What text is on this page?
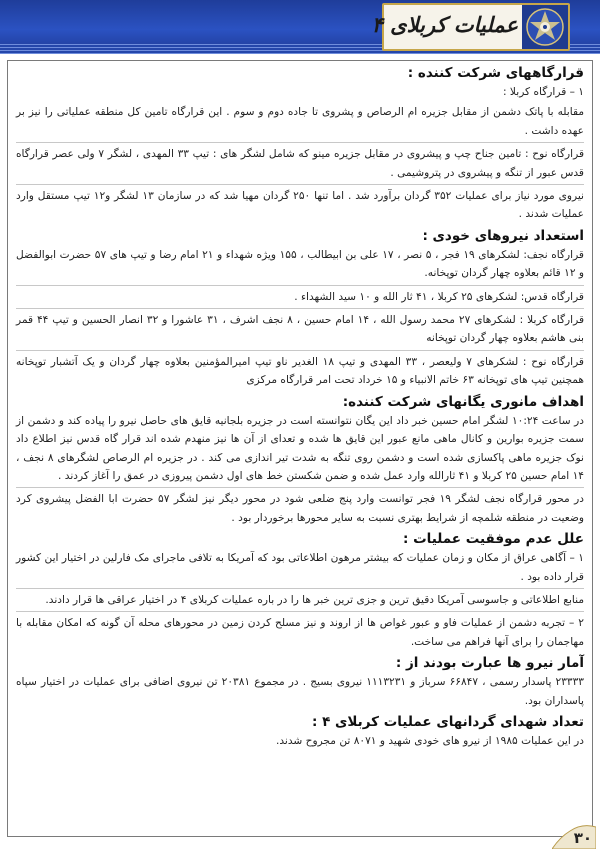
عملیات کربلای ۴
قرارگاههای شرکت کننده :

۱ – قرارگاه کربلا :

مقابله با پاتک دشمن از مقابل جزیره ام الرصاص و پشروی تا جاده دوم و سوم . این قرارگاه تامین کل منطقه عملیاتی را نیز بر عهده داشت .

قرارگاه نوح : تامین جناح چپ و پیشروی در مقابل جزیره مینو که شامل لشگر های : تیپ ۳۳ المهدی ، لشگر ۷ ولی عصر قرارگاه قدس عبور از تنگه و پیشروی در پتروشیمی .

نیروی مورد نیاز برای عملیات ۳۵۲ گردان برآورد شد . اما تنها ۲۵۰ گردان مهیا شد که در سازمان ۱۳ لشگر و۱۲ تیپ مستقل وارد عملیات شدند .

استعداد نیروهای خودی :

قرارگاه نجف: لشکرهای ۱۹ فجر ، ۵ نصر ، ۱۷ علی بن ابیطالب ، ۱۵۵ ویژه شهداء و ۲۱ امام رضا و تیپ های ۵۷ حضرت ابوالفضل و ۱۲ قائم بعلاوه چهار گردان توپخانه.

قرارگاه قدس: لشکرهای ۲۵ کربلا ، ۴۱ ثار الله و ۱۰ سید الشهداء .

قرارگاه کربلا : لشکرهای ۲۷ محمد رسول الله ، ۱۴ امام حسین ، ۸ نجف اشرف ، ۳۱ عاشورا و ۳۲ انصار الحسین و تیپ ۴۴ قمر بنی هاشم بعلاوه چهار گردان توپخانه

قرارگاه نوح : لشکرهای ۷ ولیعصر ، ۳۳ المهدی و تیپ ۱۸ الغدیر ناو تیپ امیرالمؤمنین بعلاوه چهار گردان و یک آتشبار توپخانه همچنین تیپ های توپخانه ۶۳ خاتم الانبیاء و ۱۵ خرداد تحت امر قرارگاه مرکزی

اهداف مانوری یگانهای شرکت کننده:

در ساعت ۱۰:۲۴ لشگر امام حسین خبر داد این یگان نتوانسته است در جزیره بلجانیه قایق های حاصل نیرو را پیاده کند و دشمن از سمت جزیره بوارین و کانال ماهی مانع عبور این قایق ها شده و تعدای از آن ها نیز منهدم شده اند قرار گاه قدس نیز اطلاع داد نوک جزیره ماهی پاکسازی شده است و دشمن روی تنگه به شدت تیر اندازی می کند . در جزیره ام الرصاص لشگرهای ۸ نجف ، ۱۴ امام حسین ۲۵ کربلا و ۴۱ ثارالله وارد عمل شده و ضمن شکستن خط های اول دشمن پیروزی در عمق را آغاز کردند .

در محور قرارگاه نجف لشگر ۱۹ فجر توانست وارد پنج ضلعی شود در محور دیگر نیز لشگر ۵۷ حضرت ابا الفضل پیشروی کرد وضعیت در منطقه شلمچه از شرایط بهتری نسبت به سایر محورها برخوردار بود .

علل عدم موفقیت عملیات :

۱ – آگاهی عراق از مکان و زمان عملیات که بیشتر مرهون اطلاعاتی بود که آمریکا به تلافی ماجرای مک فارلین در اختیار این کشور قرار داده بود .

منابع اطلاعاتی و جاسوسی آمریکا دقیق ترین و جزی ترین خبر ها را در باره عملیات کربلای ۴ در اختیار عراقی ها قرار دادند.

۲ – تجربه دشمن از عملیات فاو و عبور غواص ها از اروند و نیز مسلح کردن زمین در محورهای محله آن گونه که امکان مقابله با مهاجمان را برای آنها فراهم می ساخت.

آمار نیرو ها عبارت بودند از :

۲۳۳۳۳ پاسدار رسمی ، ۶۶۸۴۷ سرباز و ۱۱۱۳۲۳۱ نیروی بسیج . در مجموع ۲۰۳۸۱ تن نیروی اضافی برای عملیات در اختیار سپاه پاسداران بود.

تعداد شهدای گردانهای عملیات کربلای ۴ :

در این عملیات ۱۹۸۵ از نیرو های خودی شهید و ۸۰۷۱ تن مجروح شدند.

۳۰
